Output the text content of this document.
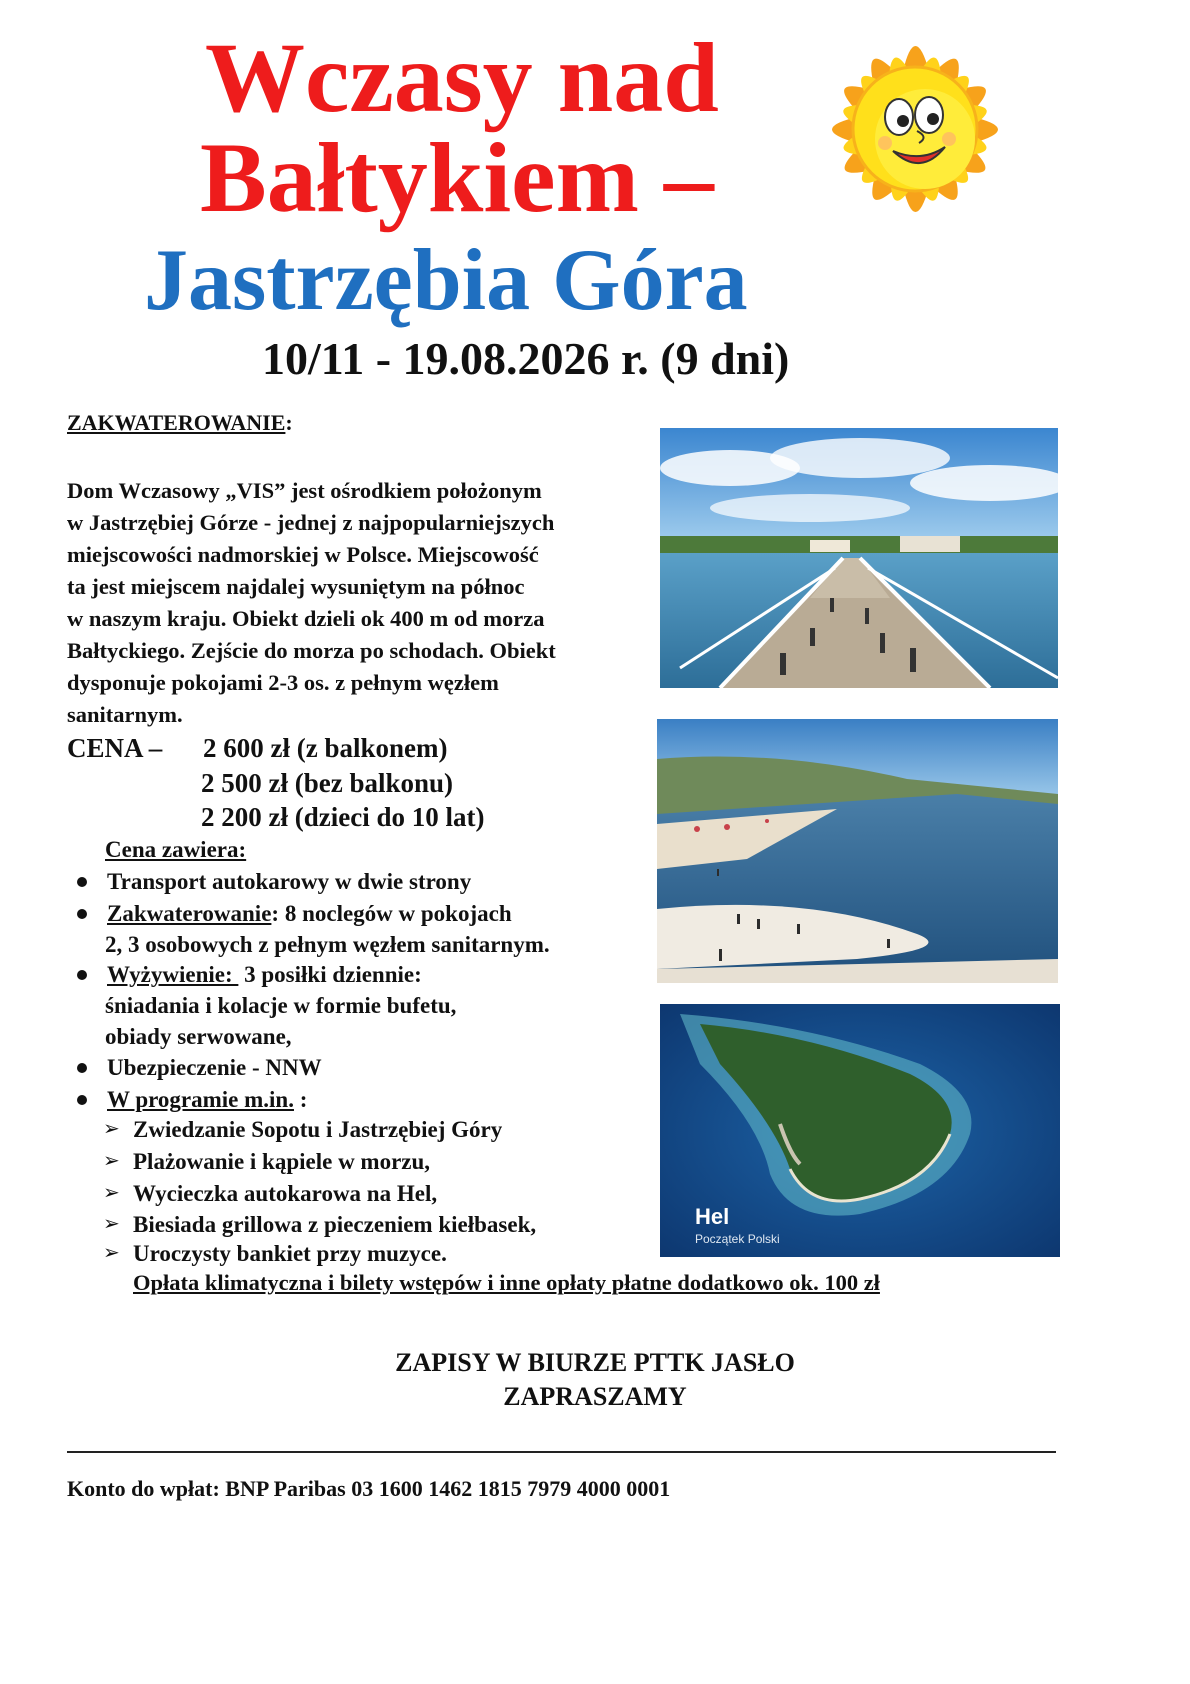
Wczasy nad
Bałtykiem –
Jastrzębia Góra
10/11 - 19.08.2026 r. (9 dni)
ZAKWATEROWANIE:
Dom Wczasowy „VIS” jest ośrodkiem położonym
w Jastrzębiej Górze - jednej z najpopularniejszych
miejscowości nadmorskiej w Polsce. Miejscowość
ta jest miejscem najdalej wysuniętym na północ
w naszym kraju. Obiekt dzieli ok 400 m od morza
Bałtyckiego. Zejście do morza po schodach. Obiekt
dysponuje pokojami 2-3 os. z pełnym węzłem
sanitarnym.
CENA – 2 600 zł (z balkonem)
2 500 zł (bez balkonu)
2 200 zł (dzieci do 10 lat)
Cena zawiera:
Transport autokarowy w dwie strony
Zakwaterowanie: 8 noclegów w pokojach
2, 3 osobowych z pełnym węzłem sanitarnym.
Wyżywienie:  3 posiłki dziennie:
śniadania i kolacje w formie bufetu,
obiady serwowane,
Ubezpieczenie - NNW
W programie m.in. :
➢ Zwiedzanie Sopotu i Jastrzębiej Góry
➢ Plażowanie i kąpiele w morzu,
➢ Wycieczka autokarowa na Hel,
➢ Biesiada grillowa z pieczeniem kiełbasek,
➢ Uroczysty bankiet przy muzyce.
Opłata klimatyczna i bilety wstępów i inne opłaty płatne dodatkowo ok. 100 zł
Hel
Początek Polski
ZAPISY W BIURZE PTTK JASŁO
ZAPRASZAMY
Konto do wpłat: BNP Paribas 03 1600 1462 1815 7979 4000 0001
